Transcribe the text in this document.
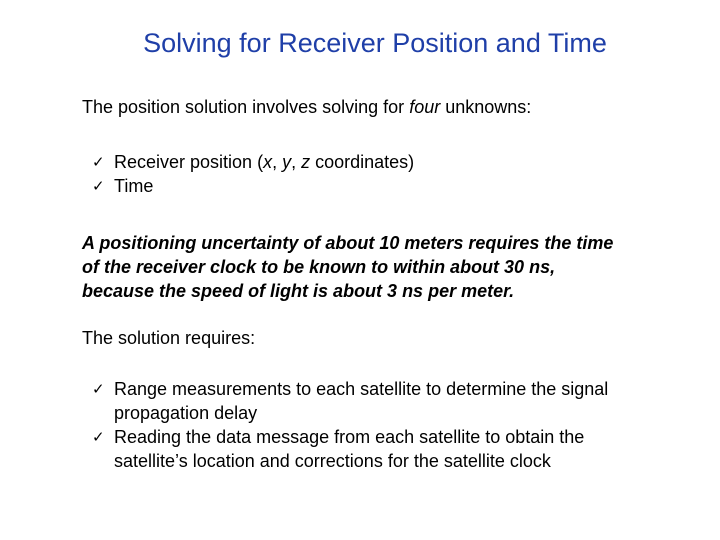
Solving for Receiver Position and Time
The position solution involves solving for four unknowns:
✓ Receiver position (x, y, z coordinates)
✓ Time
A positioning uncertainty of about 10 meters requires the time
of the receiver clock to be known to within about 30 ns,
because the speed of light is about 3 ns per meter.
The solution requires:
✓ Range measurements to each satellite to determine the signal
propagation delay
✓ Reading the data message from each satellite to obtain the
satellite’s location and corrections for the satellite clock
